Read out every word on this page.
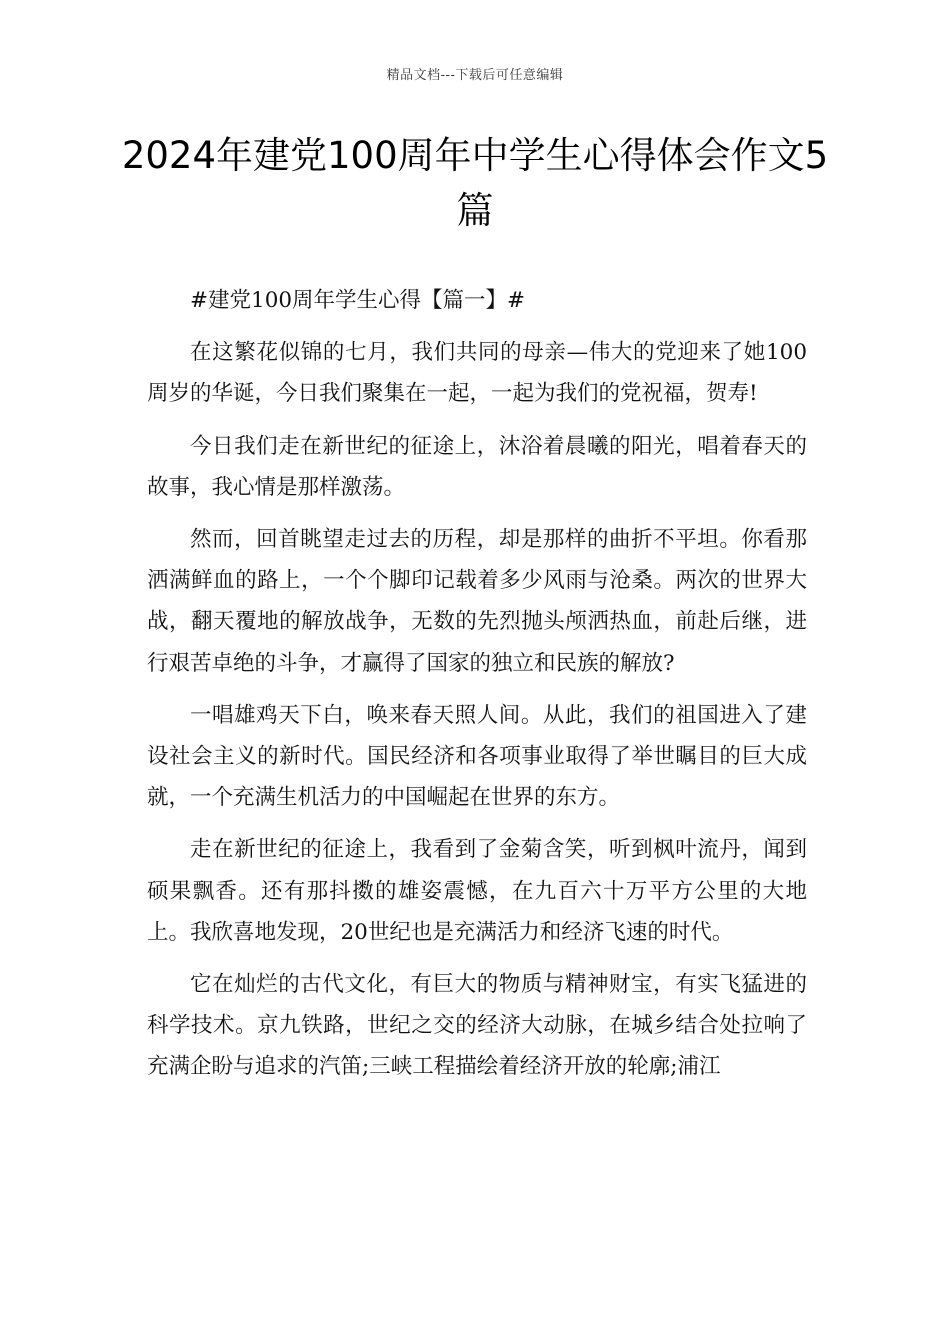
精品文档---下载后可任意编辑
2024年建党100周年中学生心得体会作文5篇

#建党100周年学生心得【篇一】#

在这繁花似锦的七月，我们共同的母亲—伟大的党迎来了她100周岁的华诞，今日我们聚集在一起，一起为我们的党祝福，贺寿!

今日我们走在新世纪的征途上，沐浴着晨曦的阳光，唱着春天的故事，我心情是那样激荡。

然而，回首眺望走过去的历程，却是那样的曲折不平坦。你看那洒满鲜血的路上，一个个脚印记载着多少风雨与沧桑。两次的世界大战，翻天覆地的解放战争，无数的先烈抛头颅洒热血，前赴后继，进行艰苦卓绝的斗争，才赢得了国家的独立和民族的解放?

一唱雄鸡天下白，唤来春天照人间。从此，我们的祖国进入了建设社会主义的新时代。国民经济和各项事业取得了举世瞩目的巨大成就，一个充满生机活力的中国崛起在世界的东方。

走在新世纪的征途上，我看到了金菊含笑，听到枫叶流丹，闻到硕果飘香。还有那抖擞的雄姿震憾，在九百六十万平方公里的大地上。我欣喜地发现，20世纪也是充满活力和经济飞速的时代。

它在灿烂的古代文化，有巨大的物质与精神财宝，有实飞猛进的科学技术。京九铁路，世纪之交的经济大动脉，在城乡结合处拉响了充满企盼与追求的汽笛;三峡工程描绘着经济开放的轮廓;浦江
